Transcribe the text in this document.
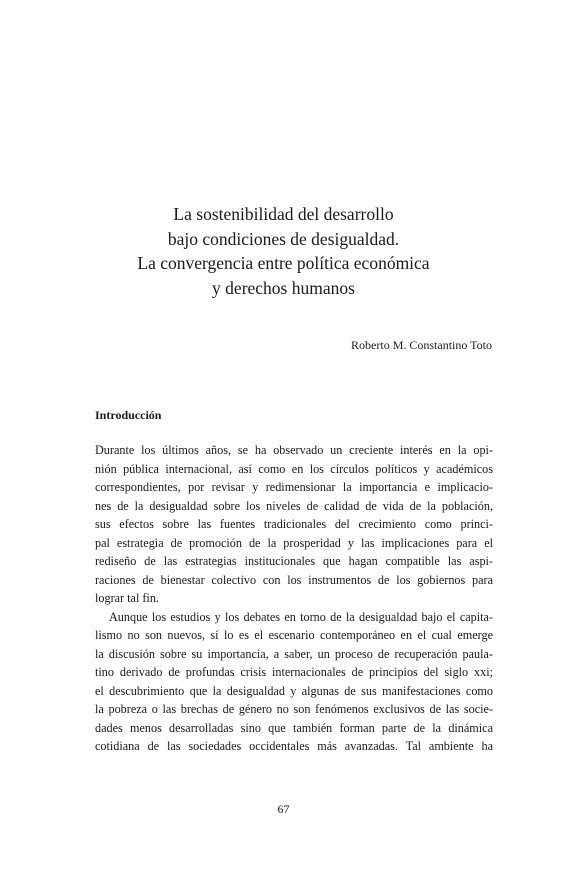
La sostenibilidad del desarrollo
bajo condiciones de desigualdad.
La convergencia entre política económica
y derechos humanos
Roberto M. Constantino Toto
Introducción
Durante los últimos años, se ha observado un creciente interés en la opi-
nión pública internacional, así como en los círculos políticos y académicos
correspondientes, por revisar y redimensionar la importancia e implicacio-
nes de la desigualdad sobre los niveles de calidad de vida de la población,
sus efectos sobre las fuentes tradicionales del crecimiento como princi-
pal estrategia de promoción de la prosperidad y las implicaciones para el
rediseño de las estrategias institucionales que hagan compatible las aspi-
raciones de bienestar colectivo con los instrumentos de los gobiernos para
lograr tal fin.
Aunque los estudios y los debates en torno de la desigualdad bajo el capita-
lismo no son nuevos, sí lo es el escenario contemporáneo en el cual emerge
la discusión sobre su importancia, a saber, un proceso de recuperación paula-
tino derivado de profundas crisis internacionales de principios del siglo xxi;
el descubrimiento que la desigualdad y algunas de sus manifestaciones como
la pobreza o las brechas de género no son fenómenos exclusivos de las socie-
dades menos desarrolladas sino que también forman parte de la dinámica
cotidiana de las sociedades occidentales más avanzadas. Tal ambiente ha
67
